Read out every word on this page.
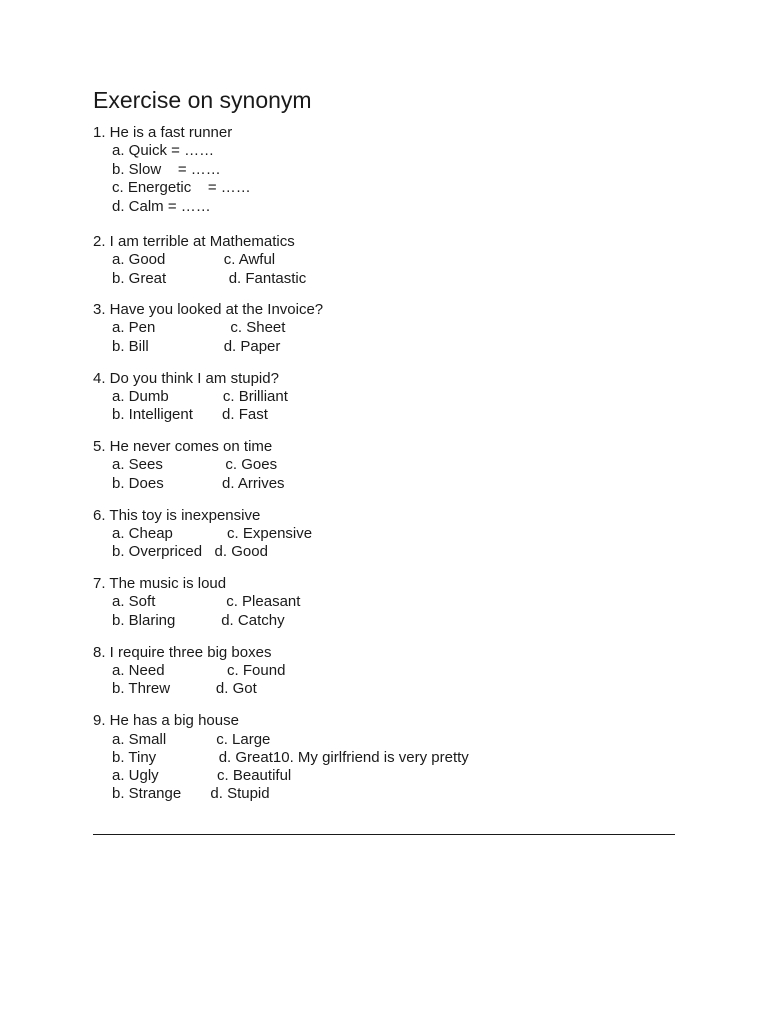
Exercise on synonym
1. He is a fast runner
a. Quick = ……
b. Slow    = ……
c. Energetic    = ……
d. Calm = ……
2. I am terrible at Mathematics
a. Good              c. Awful
b. Great               d. Fantastic
3. Have you looked at the Invoice?
a. Pen                  c. Sheet
b. Bill                  d. Paper
4. Do you think I am stupid?
a. Dumb             c. Brilliant
b. Intelligent       d. Fast
5. He never comes on time
a. Sees               c. Goes
b. Does              d. Arrives
6. This toy is inexpensive
a. Cheap             c. Expensive
b. Overpriced   d. Good
7. The music is loud
a. Soft                 c. Pleasant
b. Blaring           d. Catchy
8. I require three big boxes
a. Need               c. Found
b. Threw           d. Got
9. He has a big house
a. Small            c. Large
b. Tiny               d. Great10. My girlfriend is very pretty
a. Ugly              c. Beautiful
b. Strange       d. Stupid
